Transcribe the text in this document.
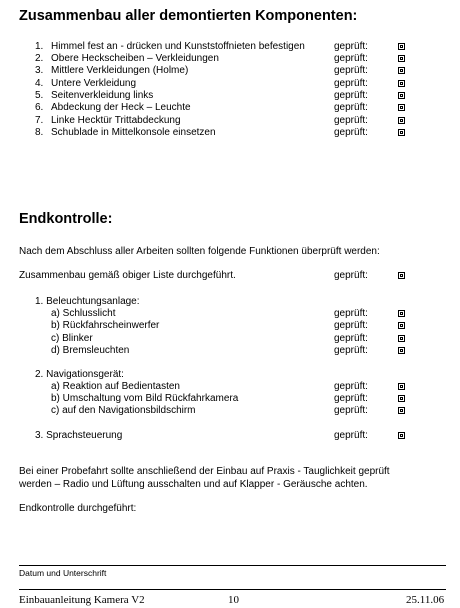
Zusammenbau aller demontierten Komponenten:
1. Himmel fest an - drücken und Kunststoffnieten befestigen	geprüft:
2. Obere Heckscheiben – Verkleidungen	geprüft:
3. Mittlere Verkleidungen (Holme)	geprüft:
4. Untere Verkleidung	geprüft:
5. Seitenverkleidung links	geprüft:
6. Abdeckung der Heck – Leuchte	geprüft:
7. Linke Hecktür Trittabdeckung	geprüft:
8. Schublade in Mittelkonsole einsetzen	geprüft:
Endkontrolle:
Nach dem Abschluss aller Arbeiten sollten folgende Funktionen überprüft werden:
Zusammenbau gemäß obiger Liste durchgeführt.	geprüft:
1. Beleuchtungsanlage:
a) Schlusslicht	geprüft:
b) Rückfahrscheinwerfer	geprüft:
c) Blinker	geprüft:
d) Bremsleuchten	geprüft:
2. Navigationsgerät:
a) Reaktion auf Bedientasten	geprüft:
b) Umschaltung vom Bild Rückfahrkamera	geprüft:
c) auf den Navigationsbildschirm	geprüft:
3. Sprachsteuerung	geprüft:
Bei einer Probefahrt sollte anschließend der Einbau auf Praxis - Tauglichkeit geprüft
werden – Radio und Lüftung ausschalten und auf Klapper - Geräusche achten.
Endkontrolle durchgeführt:
Datum und Unterschrift
Einbauanleitung Kamera V2	10	25.11.06
